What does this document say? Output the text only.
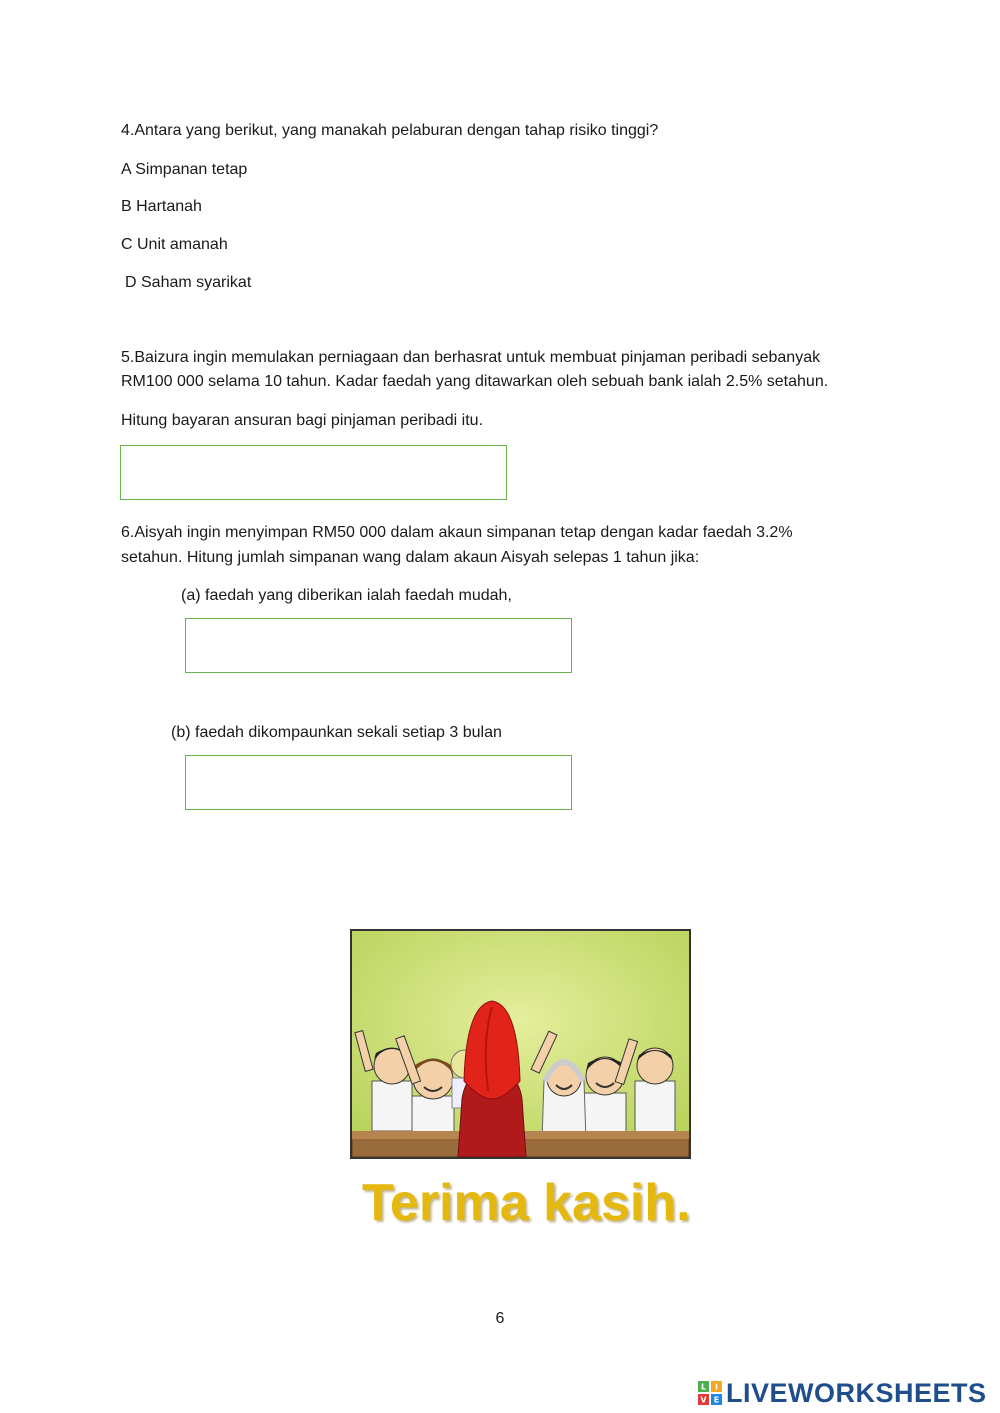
4.Antara yang berikut, yang manakah pelaburan dengan tahap risiko tinggi?
A Simpanan tetap
B Hartanah
C Unit amanah
D Saham syarikat
5.Baizura ingin memulakan perniagaan dan berhasrat untuk membuat pinjaman peribadi sebanyak
RM100 000 selama 10 tahun. Kadar faedah yang ditawarkan oleh sebuah bank ialah 2.5% setahun.
Hitung bayaran ansuran bagi pinjaman peribadi itu.
6.Aisyah ingin menyimpan RM50 000 dalam akaun simpanan tetap dengan kadar faedah 3.2%
setahun. Hitung jumlah simpanan wang dalam akaun Aisyah selepas 1 tahun jika:
(a) faedah yang diberikan ialah faedah mudah,
(b) faedah dikompaunkan sekali setiap 3 bulan
Terima kasih.
6
L I
V E LIVEWORKSHEETS
